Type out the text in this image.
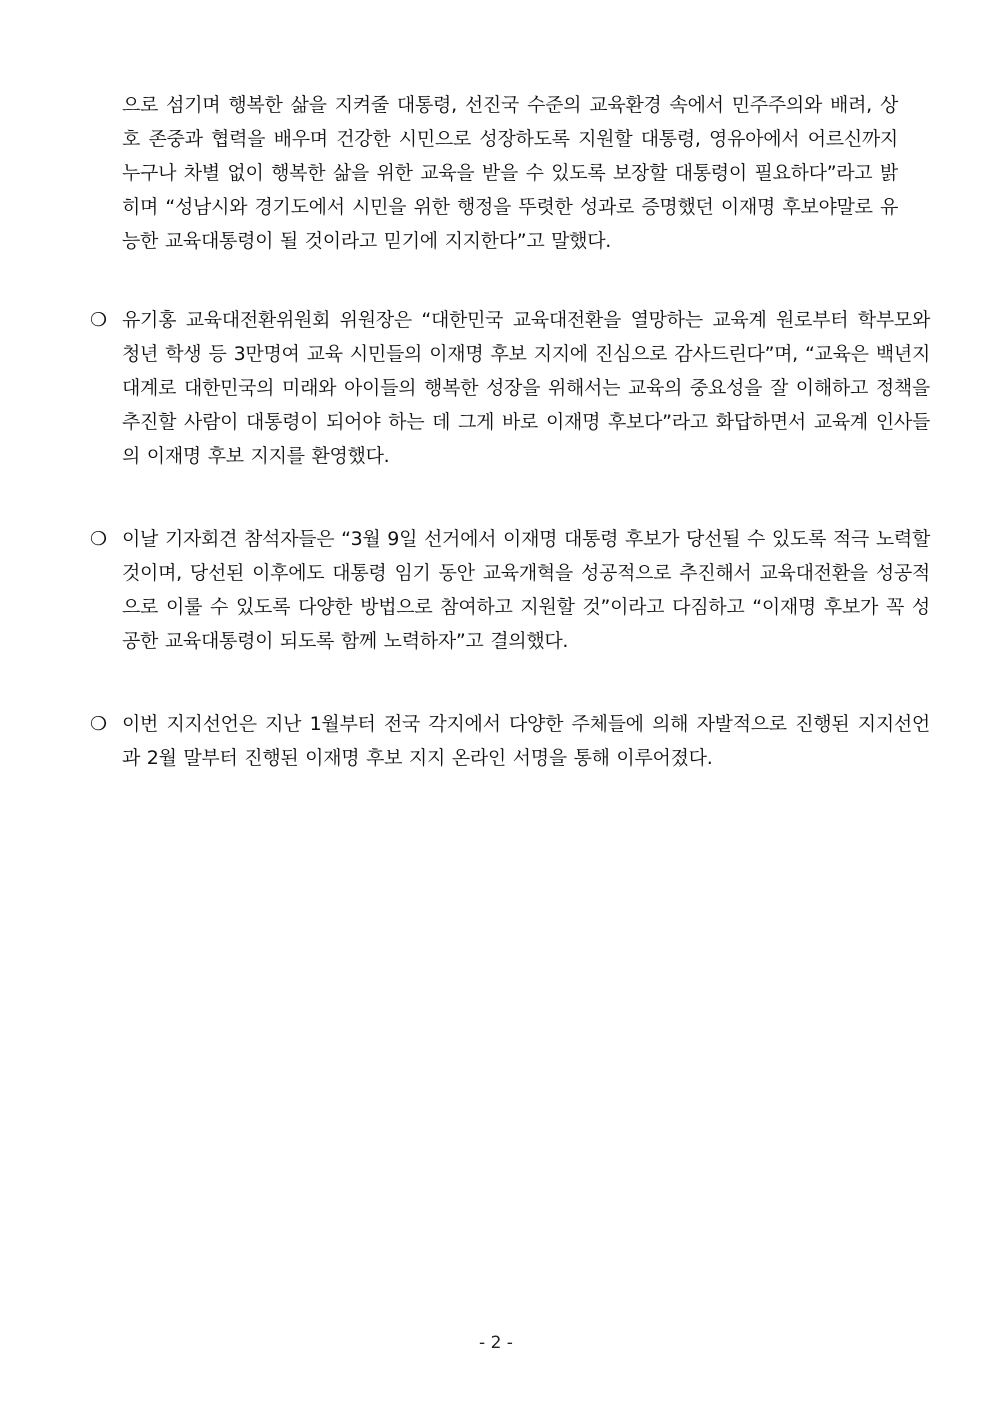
으로 섬기며 행복한 삶을 지켜줄 대통령, 선진국 수준의 교육환경 속에서 민주주의와 배려, 상호 존중과 협력을 배우며 건강한 시민으로 성장하도록 지원할 대통령, 영유아에서 어르신까지 누구나 차별 없이 행복한 삶을 위한 교육을 받을 수 있도록 보장할 대통령이 필요하다”라고 밝히며 “성남시와 경기도에서 시민을 위한 행정을 뚜렷한 성과로 증명했던 이재명 후보야말로 유능한 교육대통령이 될 것이라고 믿기에 지지한다”고 말했다.

❍ 유기홍 교육대전환위원회 위원장은 “대한민국 교육대전환을 열망하는 교육계 원로부터 학부모와 청년 학생 등 3만명여 교육 시민들의 이재명 후보 지지에 진심으로 감사드린다”며, “교육은 백년지대계로 대한민국의 미래와 아이들의 행복한 성장을 위해서는 교육의 중요성을 잘 이해하고 정책을 추진할 사람이 대통령이 되어야 하는 데 그게 바로 이재명 후보다”라고 화답하면서 교육계 인사들의 이재명 후보 지지를 환영했다.

❍ 이날 기자회견 참석자들은 “3월 9일 선거에서 이재명 대통령 후보가 당선될 수 있도록 적극 노력할 것이며, 당선된 이후에도 대통령 임기 동안 교육개혁을 성공적으로 추진해서 교육대전환을 성공적으로 이룰 수 있도록 다양한 방법으로 참여하고 지원할 것”이라고 다짐하고 “이재명 후보가 꼭 성공한 교육대통령이 되도록 함께 노력하자”고 결의했다.

❍ 이번 지지선언은 지난 1월부터 전국 각지에서 다양한 주체들에 의해 자발적으로 진행된 지지선언과 2월 말부터 진행된 이재명 후보 지지 온라인 서명을 통해 이루어졌다.

- 2 -
